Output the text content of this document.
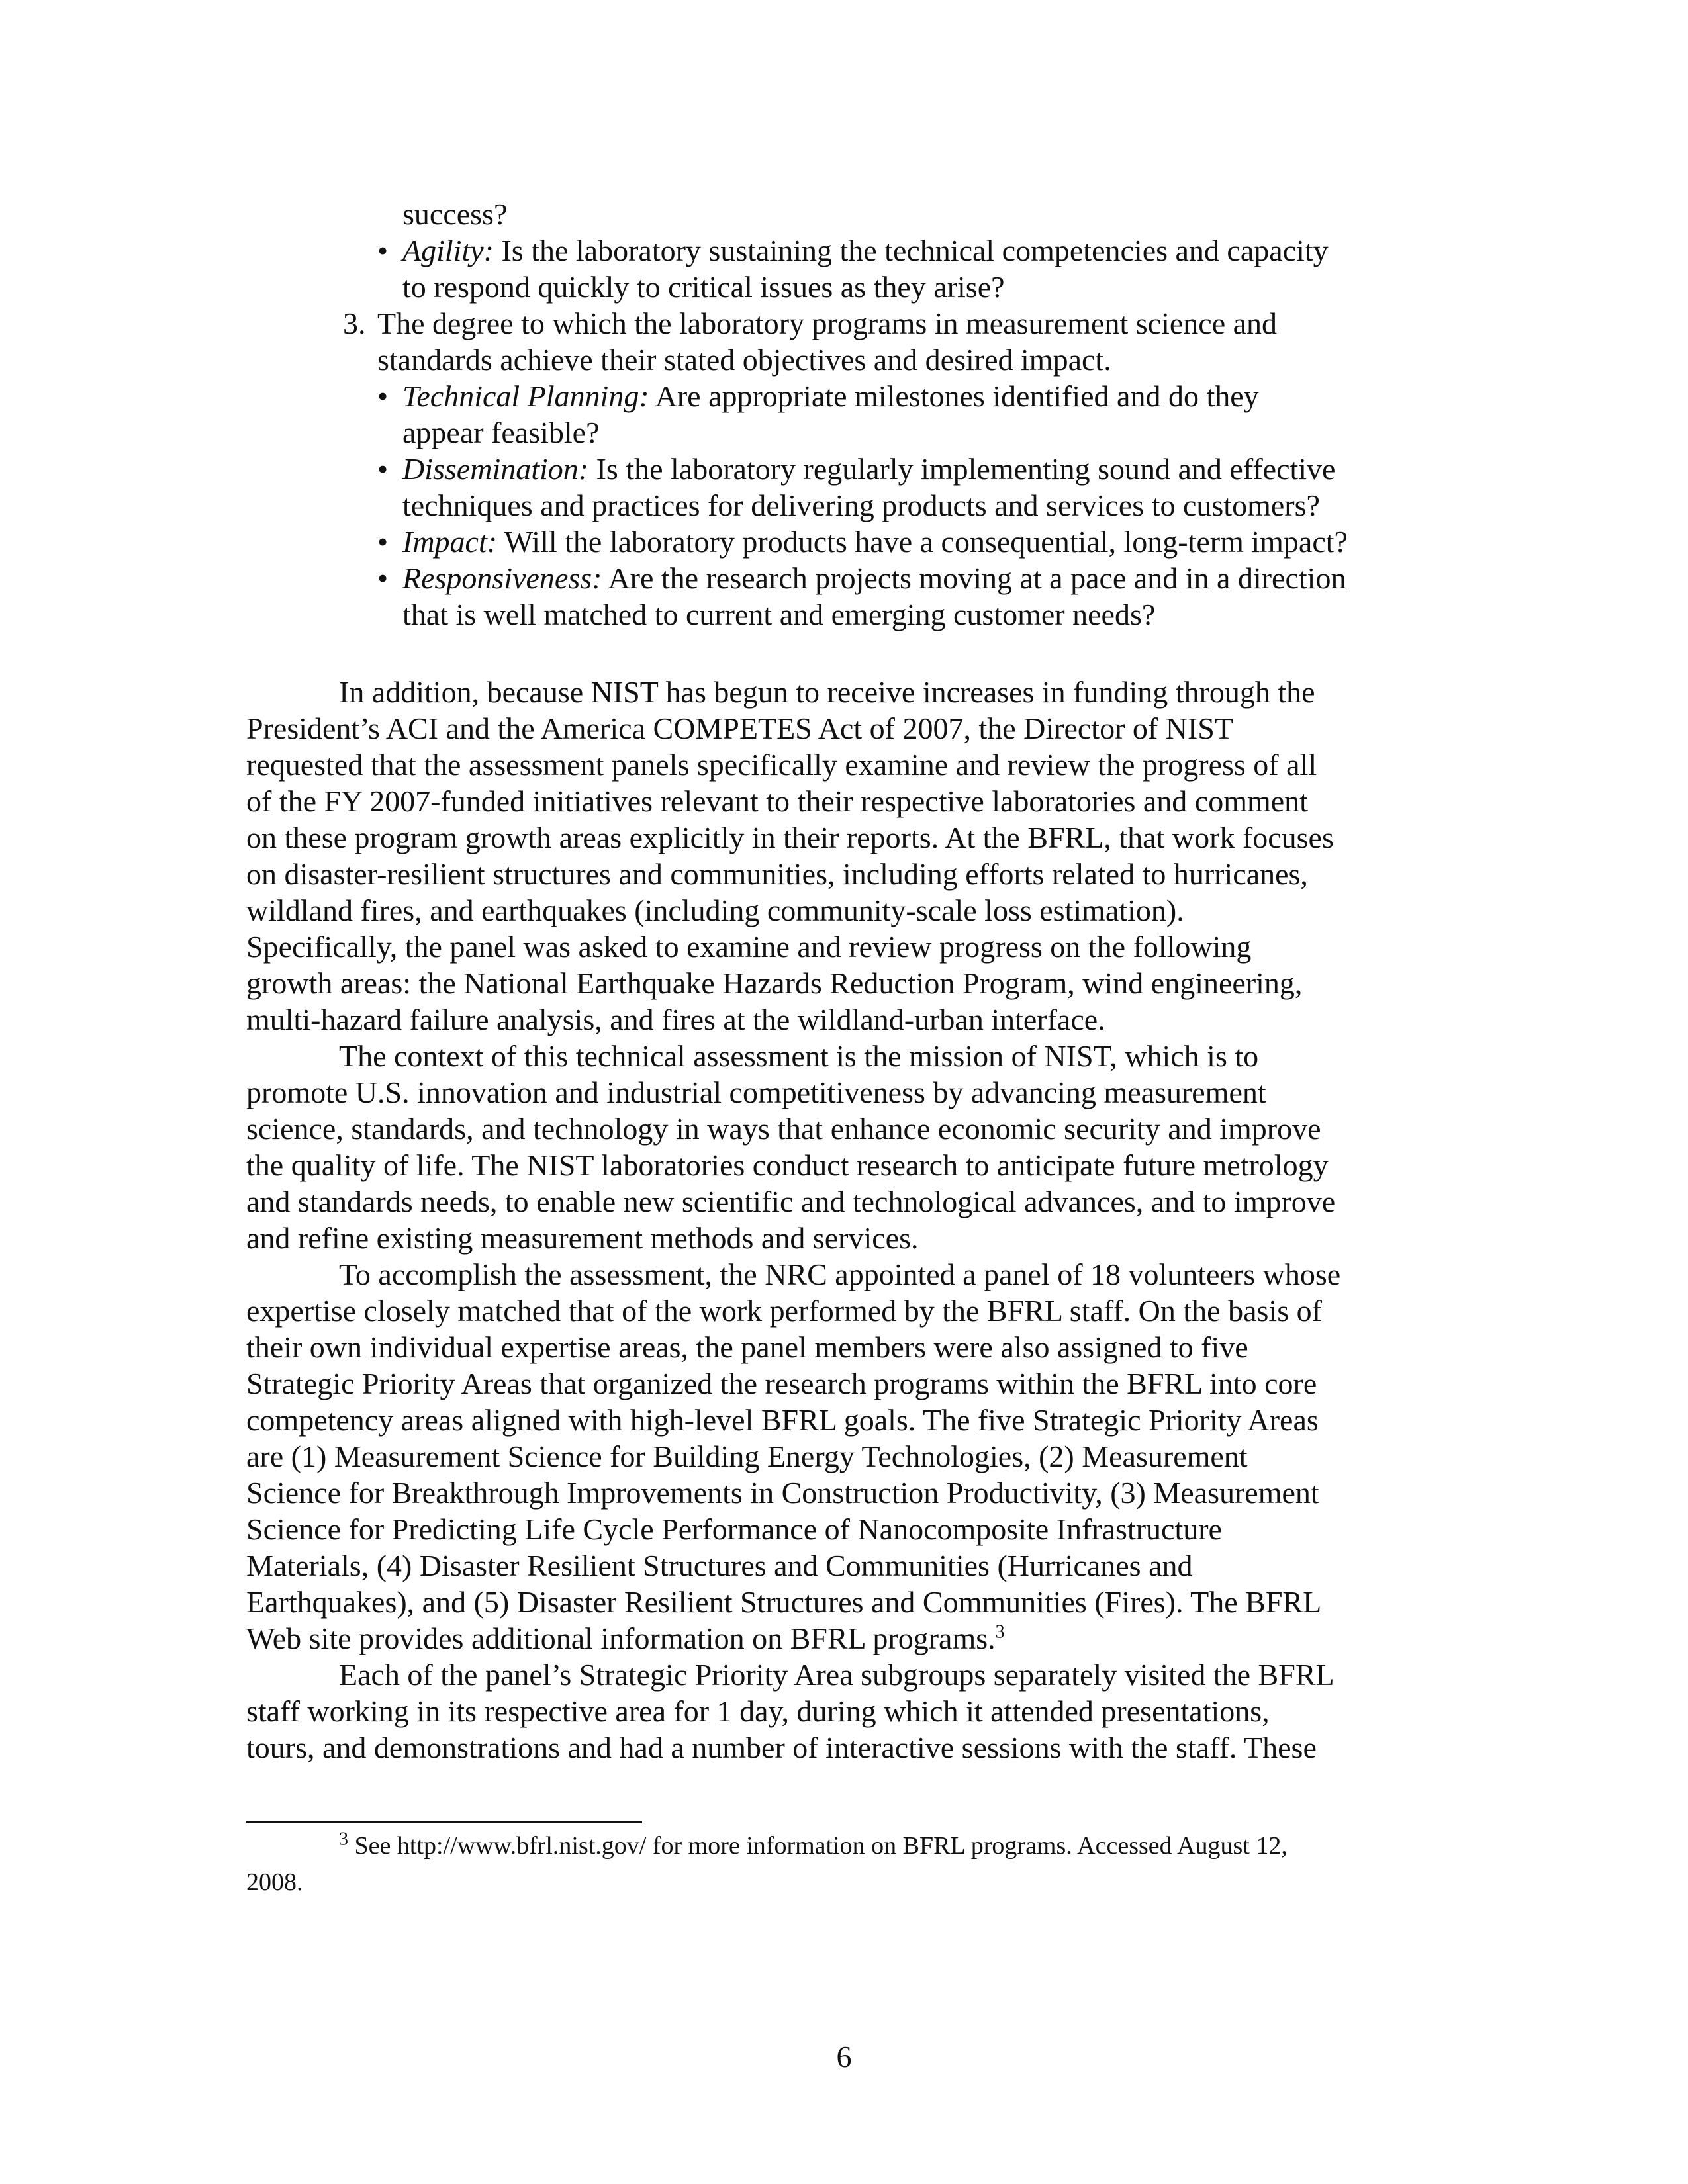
success?
• Agility: Is the laboratory sustaining the technical competencies and capacity
to respond quickly to critical issues as they arise?
3. The degree to which the laboratory programs in measurement science and
standards achieve their stated objectives and desired impact.
• Technical Planning: Are appropriate milestones identified and do they
appear feasible?
• Dissemination: Is the laboratory regularly implementing sound and effective
techniques and practices for delivering products and services to customers?
• Impact: Will the laboratory products have a consequential, long-term impact?
• Responsiveness: Are the research projects moving at a pace and in a direction
that is well matched to current and emerging customer needs?
In addition, because NIST has begun to receive increases in funding through the
President’s ACI and the America COMPETES Act of 2007, the Director of NIST
requested that the assessment panels specifically examine and review the progress of all
of the FY 2007-funded initiatives relevant to their respective laboratories and comment
on these program growth areas explicitly in their reports. At the BFRL, that work focuses
on disaster-resilient structures and communities, including efforts related to hurricanes,
wildland fires, and earthquakes (including community-scale loss estimation).
Specifically, the panel was asked to examine and review progress on the following
growth areas: the National Earthquake Hazards Reduction Program, wind engineering,
multi-hazard failure analysis, and fires at the wildland-urban interface.
The context of this technical assessment is the mission of NIST, which is to
promote U.S. innovation and industrial competitiveness by advancing measurement
science, standards, and technology in ways that enhance economic security and improve
the quality of life. The NIST laboratories conduct research to anticipate future metrology
and standards needs, to enable new scientific and technological advances, and to improve
and refine existing measurement methods and services.
To accomplish the assessment, the NRC appointed a panel of 18 volunteers whose
expertise closely matched that of the work performed by the BFRL staff. On the basis of
their own individual expertise areas, the panel members were also assigned to five
Strategic Priority Areas that organized the research programs within the BFRL into core
competency areas aligned with high-level BFRL goals. The five Strategic Priority Areas
are (1) Measurement Science for Building Energy Technologies, (2) Measurement
Science for Breakthrough Improvements in Construction Productivity, (3) Measurement
Science for Predicting Life Cycle Performance of Nanocomposite Infrastructure
Materials, (4) Disaster Resilient Structures and Communities (Hurricanes and
Earthquakes), and (5) Disaster Resilient Structures and Communities (Fires). The BFRL
Web site provides additional information on BFRL programs.$^3$
Each of the panel’s Strategic Priority Area subgroups separately visited the BFRL
staff working in its respective area for 1 day, during which it attended presentations,
tours, and demonstrations and had a number of interactive sessions with the staff. These
$^3$ See http://www.bfrl.nist.gov/ for more information on BFRL programs. Accessed August 12,
2008.
6
